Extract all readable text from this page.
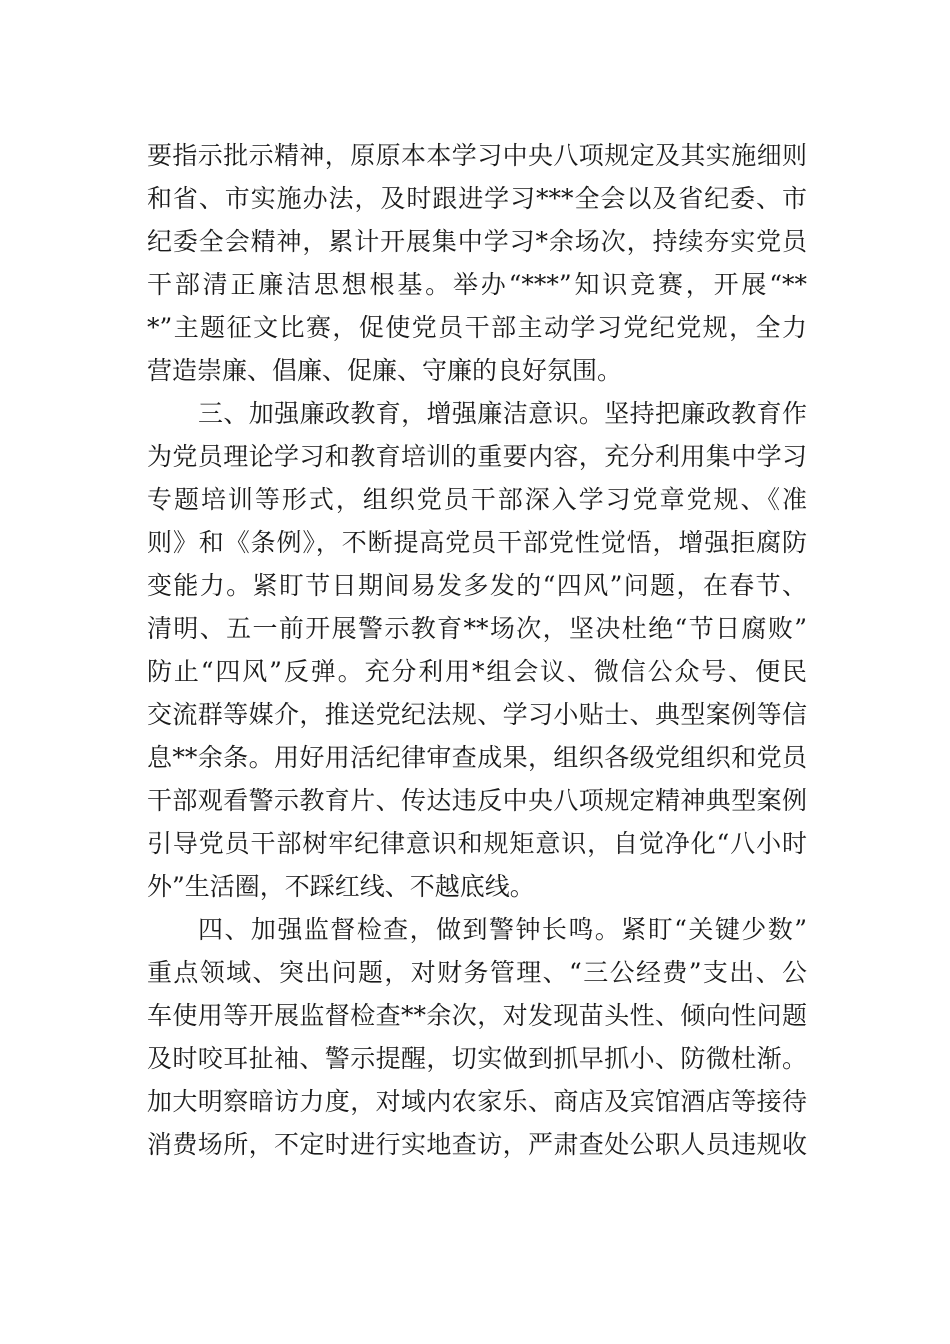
要指示批示精神，原原本本学习中央八项规定及其实施细则
和省、市实施办法，及时跟进学习***全会以及省纪委、市
纪委全会精神，累计开展集中学习*余场次，持续夯实党员
干部清正廉洁思想根基。举办“***”知识竞赛，开展“**
*”主题征文比赛，促使党员干部主动学习党纪党规，全力
营造崇廉、倡廉、促廉、守廉的良好氛围。
三、加强廉政教育，增强廉洁意识。坚持把廉政教育作
为党员理论学习和教育培训的重要内容，充分利用集中学习
专题培训等形式，组织党员干部深入学习党章党规、《准
则》和《条例》，不断提高党员干部党性觉悟，增强拒腐防
变能力。紧盯节日期间易发多发的“四风”问题，在春节、
清明、五一前开展警示教育**场次，坚决杜绝“节日腐败”
防止“四风”反弹。充分利用*组会议、微信公众号、便民
交流群等媒介，推送党纪法规、学习小贴士、典型案例等信
息**余条。用好用活纪律审查成果，组织各级党组织和党员
干部观看警示教育片、传达违反中央八项规定精神典型案例
引导党员干部树牢纪律意识和规矩意识，自觉净化“八小时
外”生活圈，不踩红线、不越底线。
四、加强监督检查，做到警钟长鸣。紧盯“关键少数”
重点领域、突出问题，对财务管理、“三公经费”支出、公
车使用等开展监督检查**余次，对发现苗头性、倾向性问题
及时咬耳扯袖、警示提醒，切实做到抓早抓小、防微杜渐。
加大明察暗访力度，对域内农家乐、商店及宾馆酒店等接待
消费场所，不定时进行实地查访，严肃查处公职人员违规收
